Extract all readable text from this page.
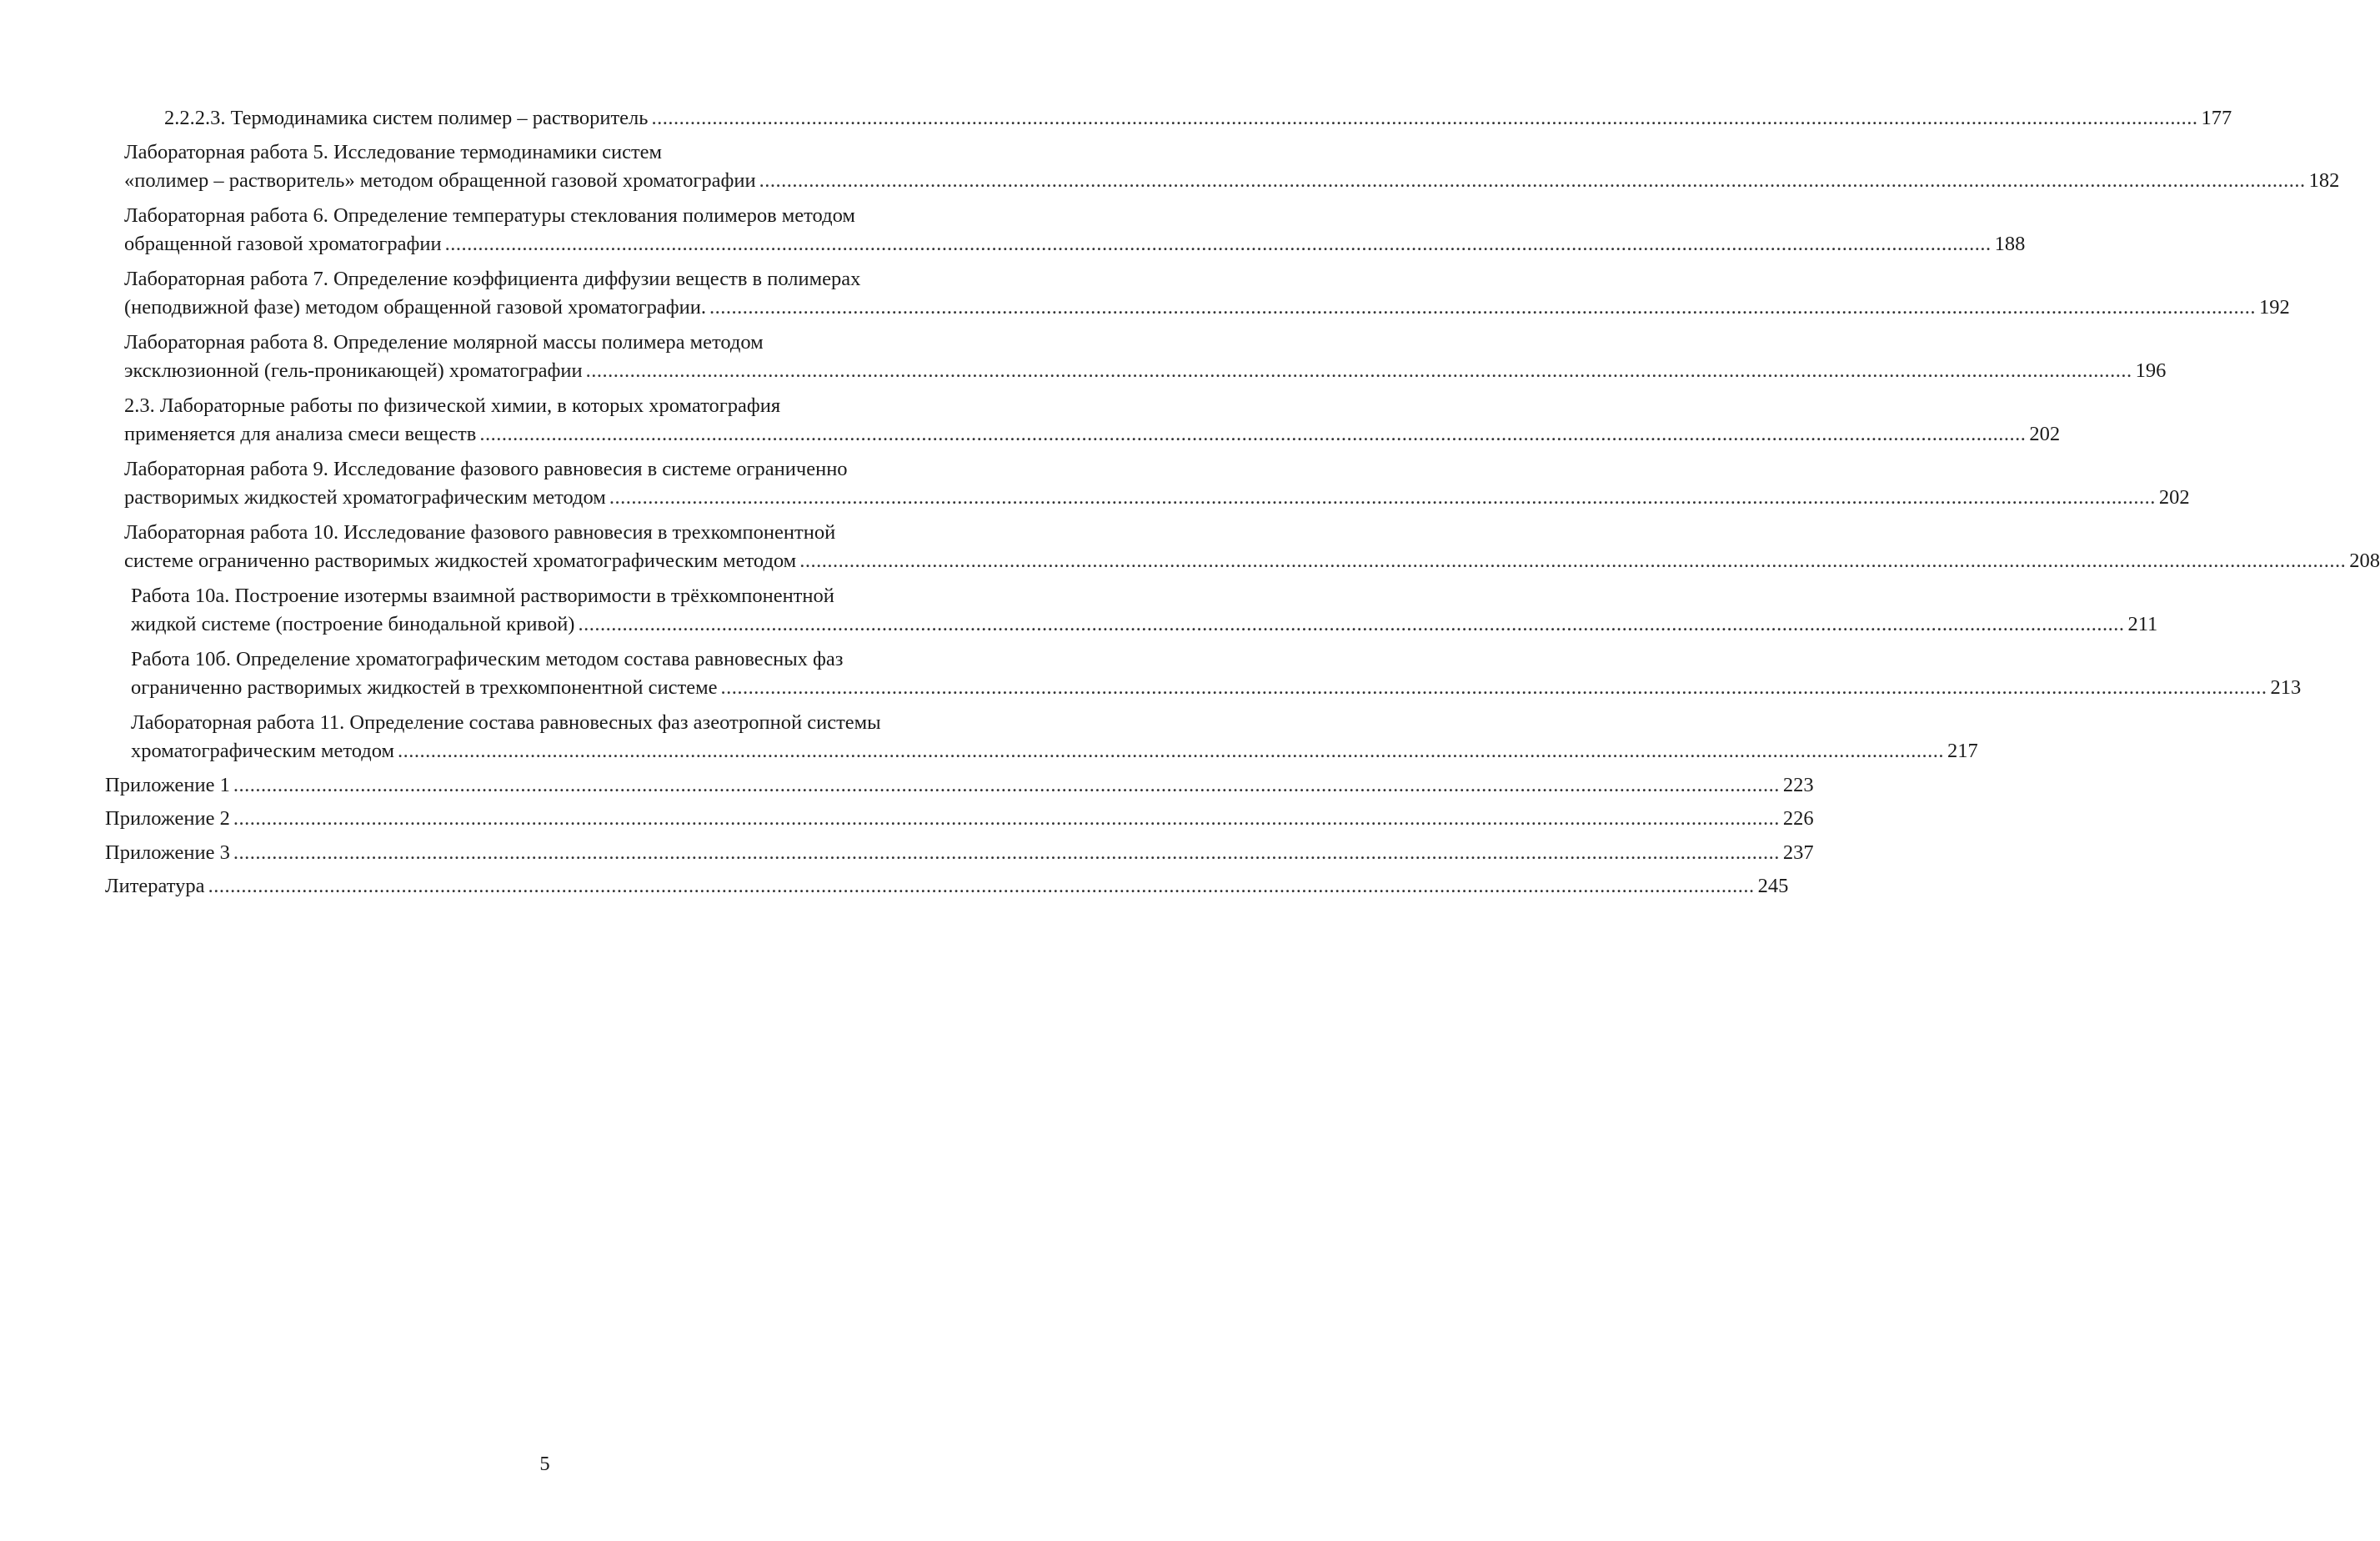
2.2.2.3. Термодинамика систем полимер – растворитель ........................................................................................................................................................................................................................................................................................ 177
Лабораторная работа 5. Исследование термодинамики систем
«полимер – растворитель» методом обращенной газовой хроматографии ........................................................................................................................................................................................................................................................................................ 182
Лабораторная работа 6. Определение температуры стеклования полимеров методом
обращенной газовой хроматографии ........................................................................................................................................................................................................................................................................................ 188
Лабораторная работа 7. Определение коэффициента диффузии веществ в полимерах
(неподвижной фазе) методом обращенной газовой хроматографии. ........................................................................................................................................................................................................................................................................................ 192
Лабораторная работа 8. Определение молярной массы полимера методом
эксклюзионной (гель-проникающей) хроматографии ........................................................................................................................................................................................................................................................................................ 196
2.3. Лабораторные работы по физической химии, в которых хроматография
применяется для анализа смеси веществ ........................................................................................................................................................................................................................................................................................ 202
Лабораторная работа 9. Исследование фазового равновесия в системе ограниченно
растворимых жидкостей хроматографическим методом ........................................................................................................................................................................................................................................................................................ 202
Лабораторная работа 10. Исследование фазового равновесия в трехкомпонентной
системе ограниченно растворимых жидкостей хроматографическим методом ........................................................................................................................................................................................................................................................................................ 208
Работа 10а. Построение изотермы взаимной растворимости в трёхкомпонентной
жидкой системе (построение бинодальной кривой) ........................................................................................................................................................................................................................................................................................ 211
Работа 10б. Определение хроматографическим методом состава равновесных фаз
ограниченно растворимых жидкостей в трехкомпонентной системе ........................................................................................................................................................................................................................................................................................ 213
Лабораторная работа 11. Определение состава равновесных фаз азеотропной системы
хроматографическим методом ........................................................................................................................................................................................................................................................................................ 217
Приложение 1 ........................................................................................................................................................................................................................................................................................ 223
Приложение 2 ........................................................................................................................................................................................................................................................................................ 226
Приложение 3 ........................................................................................................................................................................................................................................................................................ 237
Литература ........................................................................................................................................................................................................................................................................................ 245
5
